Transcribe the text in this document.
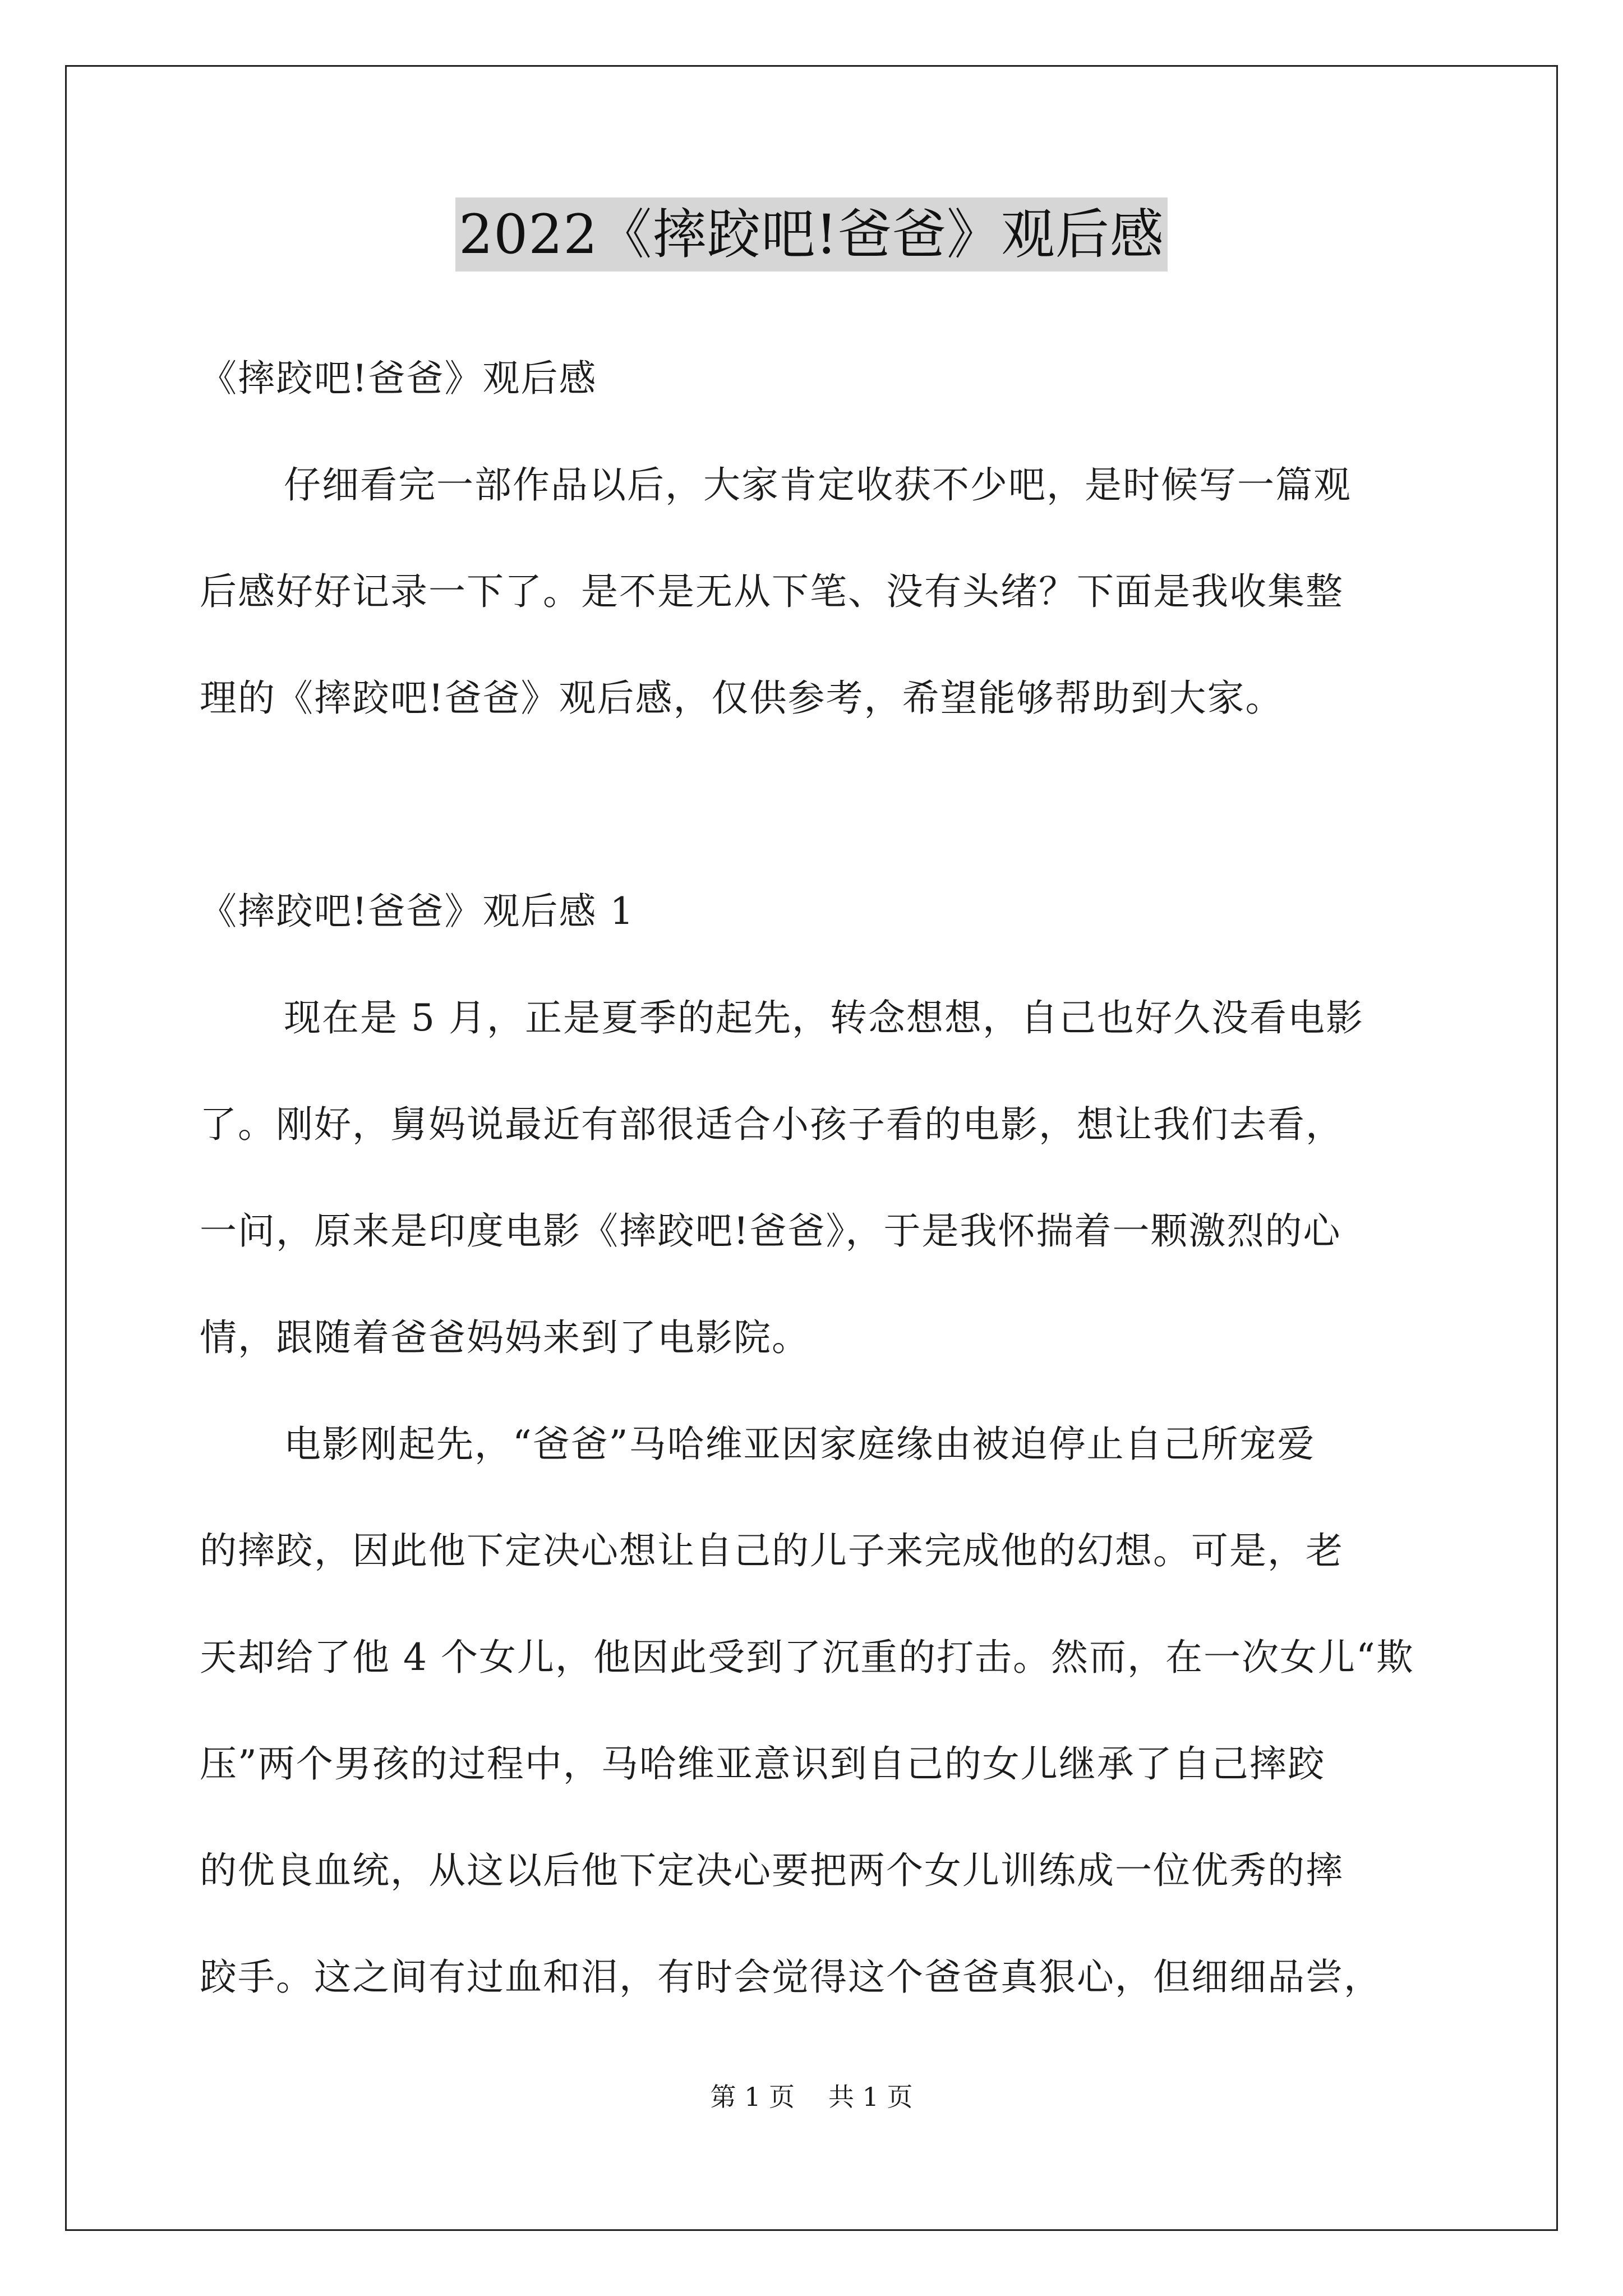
2022《摔跤吧!爸爸》观后感
《摔跤吧!爸爸》观后感
仔细看完一部作品以后，大家肯定收获不少吧，是时候写一篇观
后感好好记录一下了。是不是无从下笔、没有头绪？下面是我收集整
理的《摔跤吧!爸爸》观后感，仅供参考，希望能够帮助到大家。
《摔跤吧!爸爸》观后感 1
现在是 5 月，正是夏季的起先，转念想想，自己也好久没看电影
了。刚好，舅妈说最近有部很适合小孩子看的电影，想让我们去看，
一问，原来是印度电影《摔跤吧!爸爸》，于是我怀揣着一颗激烈的心
情，跟随着爸爸妈妈来到了电影院。
电影刚起先，“爸爸”马哈维亚因家庭缘由被迫停止自己所宠爱
的摔跤，因此他下定决心想让自己的儿子来完成他的幻想。可是，老
天却给了他 4 个女儿，他因此受到了沉重的打击。然而，在一次女儿“欺
压”两个男孩的过程中，马哈维亚意识到自己的女儿继承了自己摔跤
的优良血统，从这以后他下定决心要把两个女儿训练成一位优秀的摔
跤手。这之间有过血和泪，有时会觉得这个爸爸真狠心，但细细品尝，
第 1 页 共 1 页
